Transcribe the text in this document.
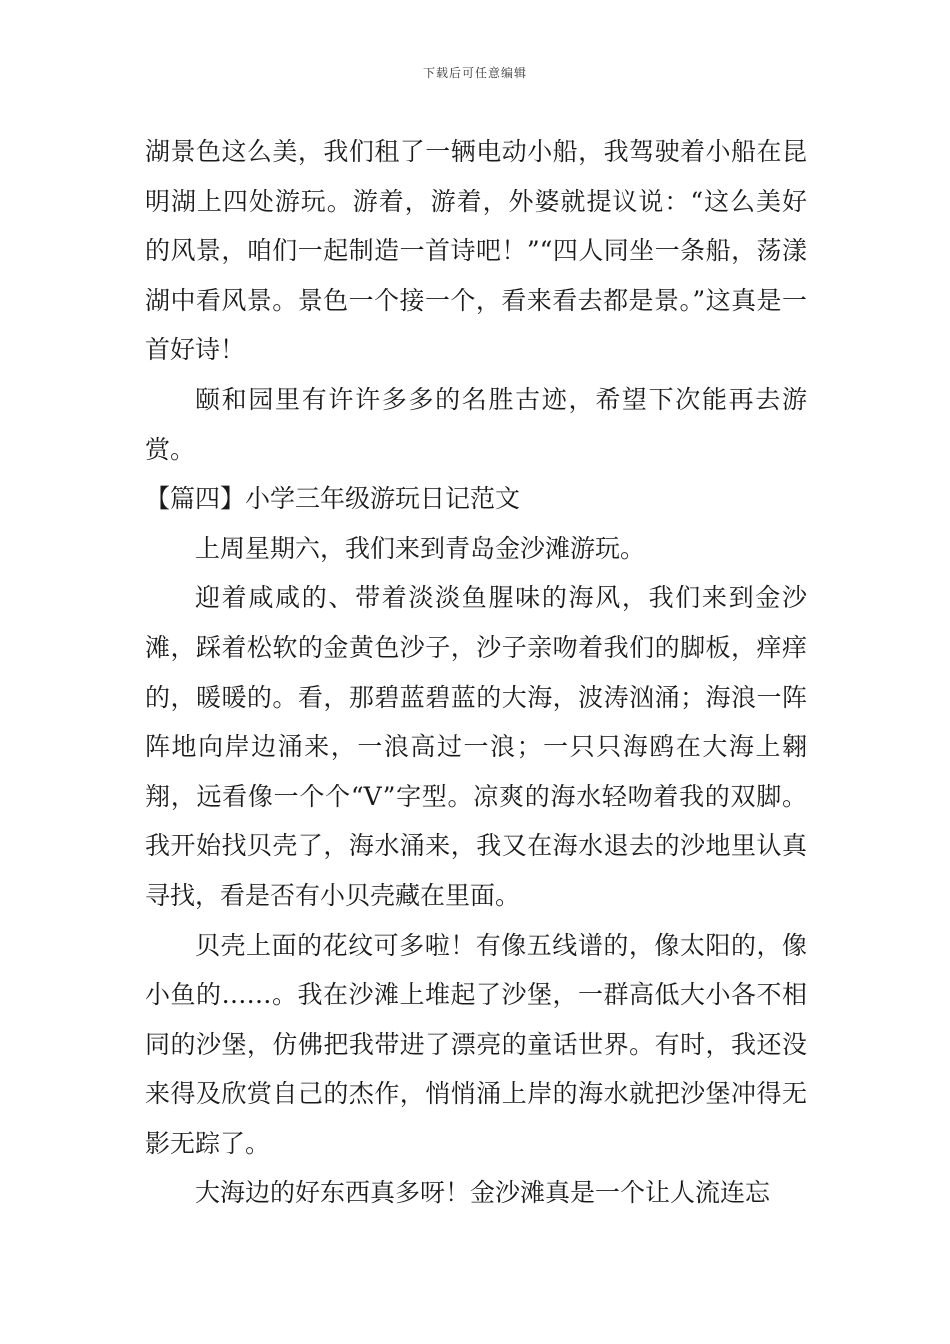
下载后可任意编辑

湖景色这么美，我们租了一辆电动小船，我驾驶着小船在昆明湖上四处游玩。游着，游着，外婆就提议说：“这么美好的风景，咱们一起制造一首诗吧！”“四人同坐一条船，荡漾湖中看风景。景色一个接一个，看来看去都是景。”这真是一首好诗！

颐和园里有许许多多的名胜古迹，希望下次能再去游赏。

【篇四】小学三年级游玩日记范文

上周星期六，我们来到青岛金沙滩游玩。

迎着咸咸的、带着淡淡鱼腥味的海风，我们来到金沙滩，踩着松软的金黄色沙子，沙子亲吻着我们的脚板，痒痒的，暖暖的。看，那碧蓝碧蓝的大海，波涛汹涌；海浪一阵阵地向岸边涌来，一浪高过一浪；一只只海鸥在大海上翱翔，远看像一个个“V”字型。凉爽的海水轻吻着我的双脚。我开始找贝壳了，海水涌来，我又在海水退去的沙地里认真寻找，看是否有小贝壳藏在里面。

贝壳上面的花纹可多啦！有像五线谱的，像太阳的，像小鱼的……。我在沙滩上堆起了沙堡，一群高低大小各不相同的沙堡，仿佛把我带进了漂亮的童话世界。有时，我还没来得及欣赏自己的杰作，悄悄涌上岸的海水就把沙堡冲得无影无踪了。

大海边的好东西真多呀！金沙滩真是一个让人流连忘
